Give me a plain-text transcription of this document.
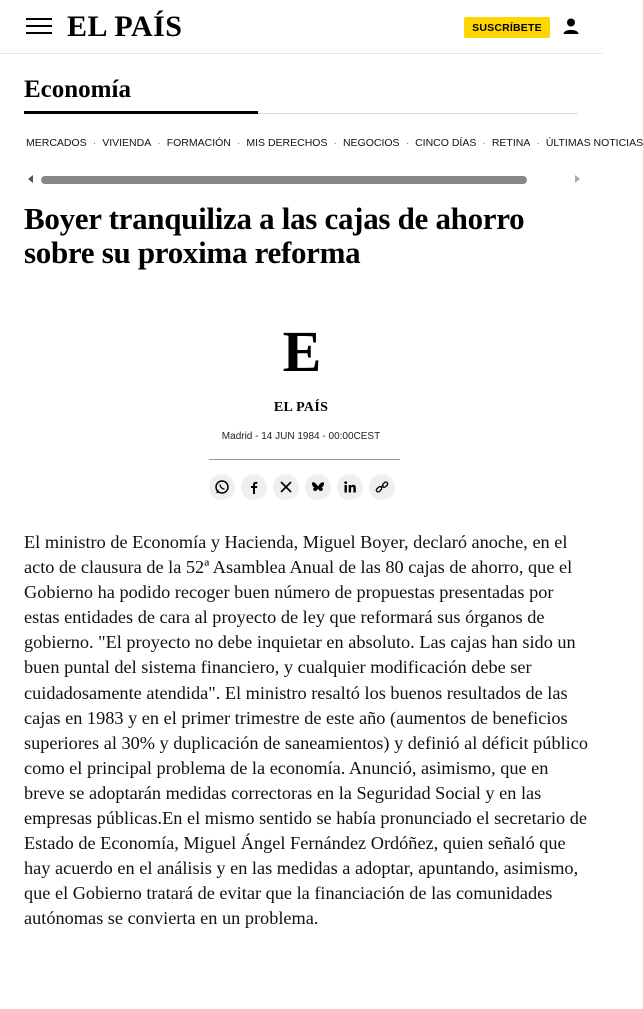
EL PAÍS	SUSCRÍBETE
Economía
MERCADOS · VIVIENDA · FORMACIÓN · MIS DERECHOS · NEGOCIOS · CINCO DÍAS · RETINA · ÚLTIMAS NOTICIAS
Boyer tranquiliza a las cajas de ahorro sobre su proxima reforma
E
EL PAÍS
Madrid - 14 JUN 1984 - 00:00CEST

El ministro de Economía y Hacienda, Miguel Boyer, declaró anoche, en el acto de clausura de la 52ª Asamblea Anual de las 80 cajas de ahorro, que el Gobierno ha podido recoger buen número de propuestas presentadas por estas entidades de cara al proyecto de ley que reformará sus órganos de gobierno. "El proyecto no debe inquietar en absoluto. Las cajas han sido un buen puntal del sistema financiero, y cualquier modificación debe ser cuidadosamente atendida". El ministro resaltó los buenos resultados de las cajas en 1983 y en el primer trimestre de este año (aumentos de beneficios superiores al 30% y duplicación de saneamientos) y definió al déficit público como el principal problema de la economía. Anunció, asimismo, que en breve se adoptarán medidas correctoras en la Seguridad Social y en las empresas públicas.En el mismo sentido se había pronunciado el secretario de Estado de Economía, Miguel Ángel Fernández Ordóñez, quien señaló que hay acuerdo en el análisis y en las medidas a adoptar, apuntando, asimismo, que el Gobierno tratará de evitar que la financiación de las comunidades autónomas se convierta en un problema.
